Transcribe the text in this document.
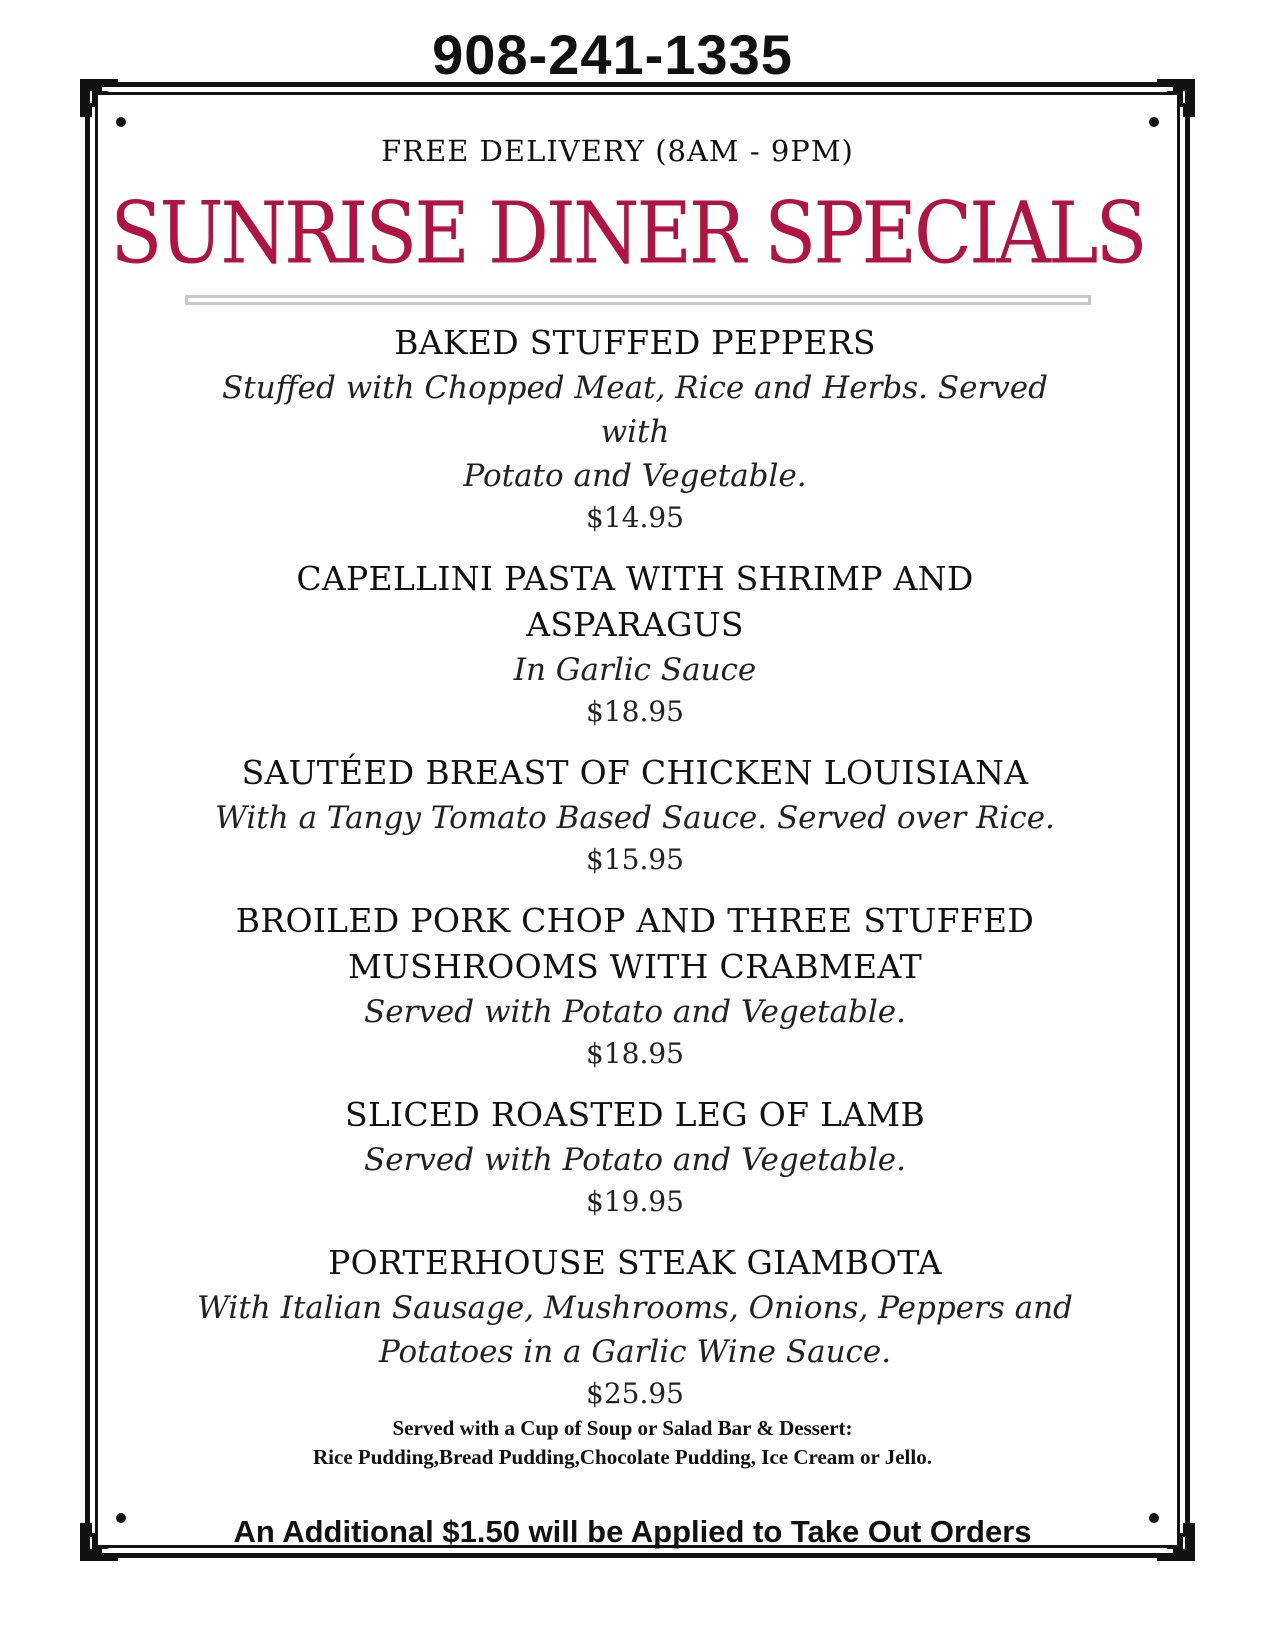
908-241-1335
FREE DELIVERY (8AM - 9PM)
SUNRISE DINER SPECIALS
BAKED STUFFED PEPPERS
Stuffed with Chopped Meat, Rice and Herbs. Served with
Potato and Vegetable.
$14.95
CAPELLINI PASTA WITH SHRIMP AND ASPARAGUS
In Garlic Sauce
$18.95
SAUTÉED BREAST OF CHICKEN LOUISIANA
With a Tangy Tomato Based Sauce. Served over Rice.
$15.95
BROILED PORK CHOP AND THREE STUFFED MUSHROOMS WITH CRABMEAT
Served with Potato and Vegetable.
$18.95
SLICED ROASTED LEG OF LAMB
Served with Potato and Vegetable.
$19.95
PORTERHOUSE STEAK GIAMBOTA
With Italian Sausage, Mushrooms, Onions, Peppers and
Potatoes in a Garlic Wine Sauce.
$25.95
Served with a Cup of Soup or Salad Bar & Dessert:
Rice Pudding,Bread Pudding,Chocolate Pudding, Ice Cream or Jello.
An Additional $1.50 will be Applied to Take Out Orders
